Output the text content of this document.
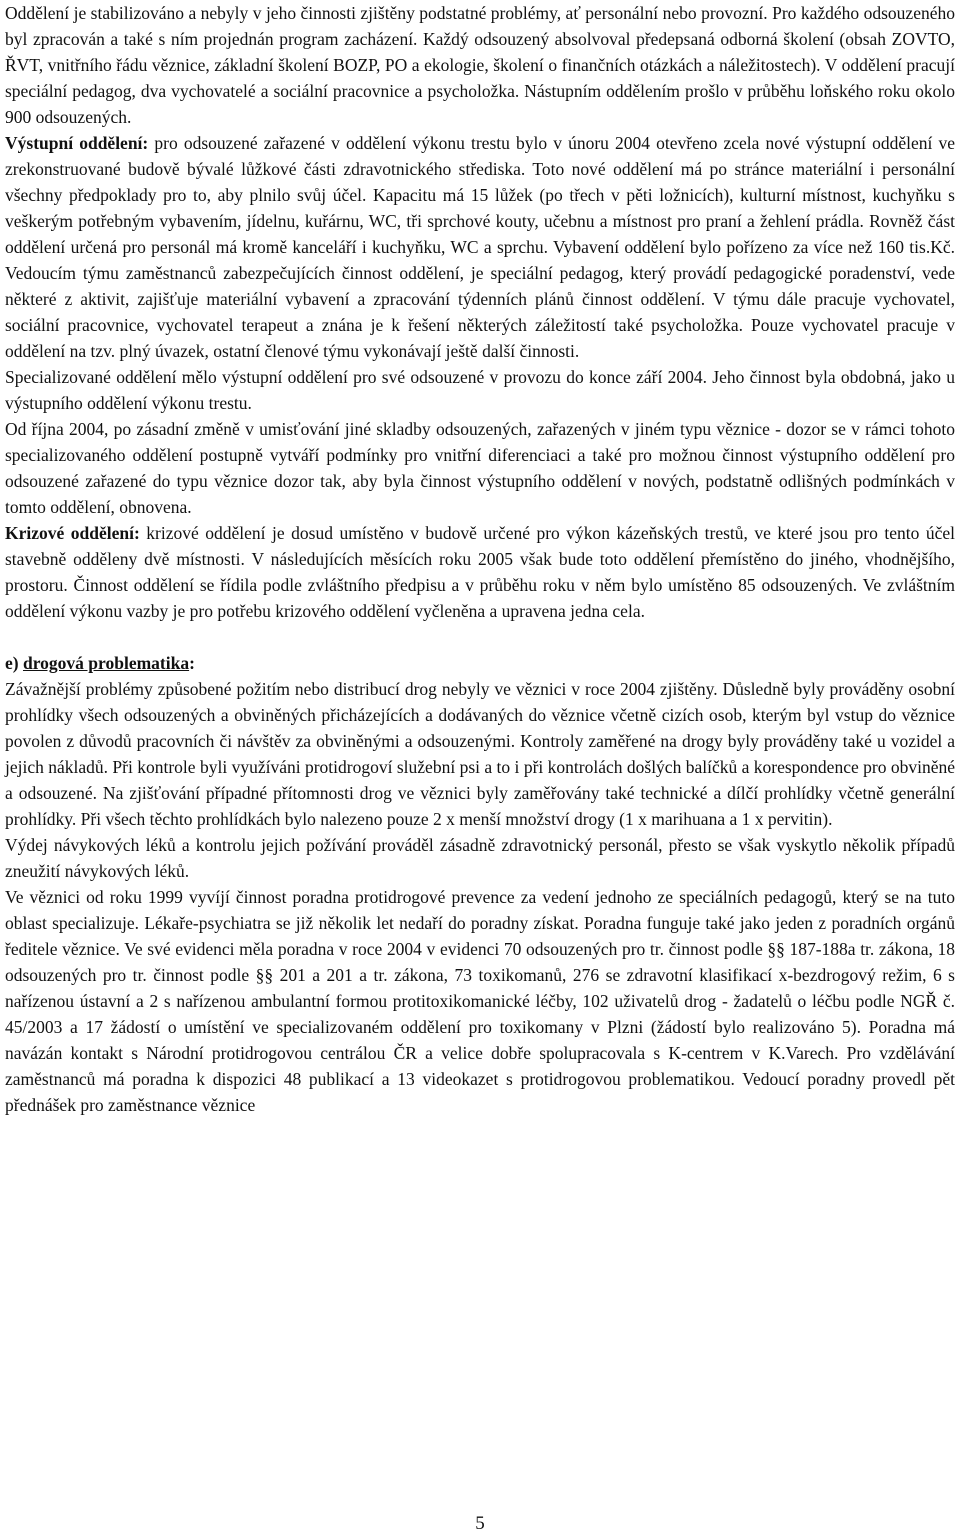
Oddělení je stabilizováno a nebyly v jeho činnosti zjištěny podstatné problémy, ať personální nebo provozní. Pro každého odsouzeného byl zpracován a také s ním projednán program zacházení. Každý odsouzený absolvoval předepsaná odborná školení (obsah ZOVTO, ŘVT, vnitřního řádu věznice, základní školení BOZP, PO a ekologie, školení o finančních otázkách a náležitostech). V oddělení pracují speciální pedagog, dva vychovatelé a sociální pracovnice a psycholožka. Nástupním oddělením prošlo v průběhu loňského roku okolo 900 odsouzených.

Výstupní oddělení: pro odsouzené zařazené v oddělení výkonu trestu bylo v únoru 2004 otevřeno zcela nové výstupní oddělení ve zrekonstruované budově bývalé lůžkové části zdravotnického střediska. Toto nové oddělení má po stránce materiální i personální všechny předpoklady pro to, aby plnilo svůj účel. Kapacitu má 15 lůžek (po třech v pěti ložnicích), kulturní místnost, kuchyňku s veškerým potřebným vybavením, jídelnu, kuřárnu, WC, tři sprchové kouty, učebnu a místnost pro praní a žehlení prádla. Rovněž část oddělení určená pro personál má kromě kanceláří i kuchyňku, WC a sprchu. Vybavení oddělení bylo pořízeno za více než 160 tis.Kč. Vedoucím týmu zaměstnanců zabezpečujících činnost oddělení, je speciální pedagog, který provádí pedagogické poradenství, vede některé z aktivit, zajišťuje materiální vybavení a zpracování týdenních plánů činnost oddělení. V týmu dále pracuje vychovatel, sociální pracovnice, vychovatel terapeut a znána je k řešení některých záležitostí také psycholožka. Pouze vychovatel pracuje v oddělení na tzv. plný úvazek, ostatní členové týmu vykonávají ještě další činnosti.

Specializované oddělení mělo výstupní oddělení pro své odsouzené v provozu do konce září 2004. Jeho činnost byla obdobná, jako u výstupního oddělení výkonu trestu.

Od října 2004, po zásadní změně v umisťování jiné skladby odsouzených, zařazených v jiném typu věznice - dozor se v rámci tohoto specializovaného oddělení postupně vytváří podmínky pro vnitřní diferenciaci a také pro možnou činnost výstupního oddělení pro odsouzené zařazené do typu věznice dozor tak, aby byla činnost výstupního oddělení v nových, podstatně odlišných podmínkách v tomto oddělení, obnovena.

Krizové oddělení: krizové oddělení je dosud umístěno v budově určené pro výkon kázeňských trestů, ve které jsou pro tento účel stavebně odděleny dvě místnosti. V následujících měsících roku 2005 však bude toto oddělení přemístěno do jiného, vhodnějšího, prostoru. Činnost oddělení se řídila podle zvláštního předpisu a v průběhu roku v něm bylo umístěno 85 odsouzených. Ve zvláštním oddělení výkonu vazby je pro potřebu krizového oddělení vyčleněna a upravena jedna cela.

e) drogová problematika:

Závažnější problémy způsobené požitím nebo distribucí drog nebyly ve věznici v roce 2004 zjištěny. Důsledně byly prováděny osobní prohlídky všech odsouzených a obviněných přicházejících a dodávaných do věznice včetně cizích osob, kterým byl vstup do věznice povolen z důvodů pracovních či návštěv za obviněnými a odsouzenými. Kontroly zaměřené na drogy byly prováděny také u vozidel a jejich nákladů. Při kontrole byli využíváni protidrogoví služební psi a to i při kontrolách došlých balíčků a korespondence pro obviněné a odsouzené. Na zjišťování případné přítomnosti drog ve věznici byly zaměřovány také technické a dílčí prohlídky včetně generální prohlídky. Při všech těchto prohlídkách bylo nalezeno pouze 2 x menší množství drogy (1 x marihuana a 1 x pervitin).

Výdej návykových léků a kontrolu jejich požívání prováděl zásadně zdravotnický personál, přesto se však vyskytlo několik případů zneužití návykových léků.

Ve věznici od roku 1999 vyvíjí činnost poradna protidrogové prevence za vedení jednoho ze speciálních pedagogů, který se na tuto oblast specializuje. Lékaře-psychiatra se již několik let nedaří do poradny získat. Poradna funguje také jako jeden z poradních orgánů ředitele věznice. Ve své evidenci měla poradna v roce 2004 v evidenci 70 odsouzených pro tr. činnost podle §§ 187-188a tr. zákona, 18 odsouzených pro tr. činnost podle §§ 201 a 201 a tr. zákona, 73 toxikomanů, 276 se zdravotní klasifikací x-bezdrogový režim, 6 s nařízenou ústavní a 2 s nařízenou ambulantní formou protitoxikomanické léčby, 102 uživatelů drog - žadatelů o léčbu podle NGŘ č. 45/2003 a 17 žádostí o umístění ve specializovaném oddělení pro toxikomany v Plzni (žádostí bylo realizováno 5). Poradna má navázán kontakt s Národní protidrogovou centrálou ČR a velice dobře spolupracovala s K-centrem v K.Varech. Pro vzdělávání zaměstnanců má poradna k dispozici 48 publikací a 13 videokazet s protidrogovou problematikou. Vedoucí poradny provedl pět přednášek pro zaměstnance věznice

5
